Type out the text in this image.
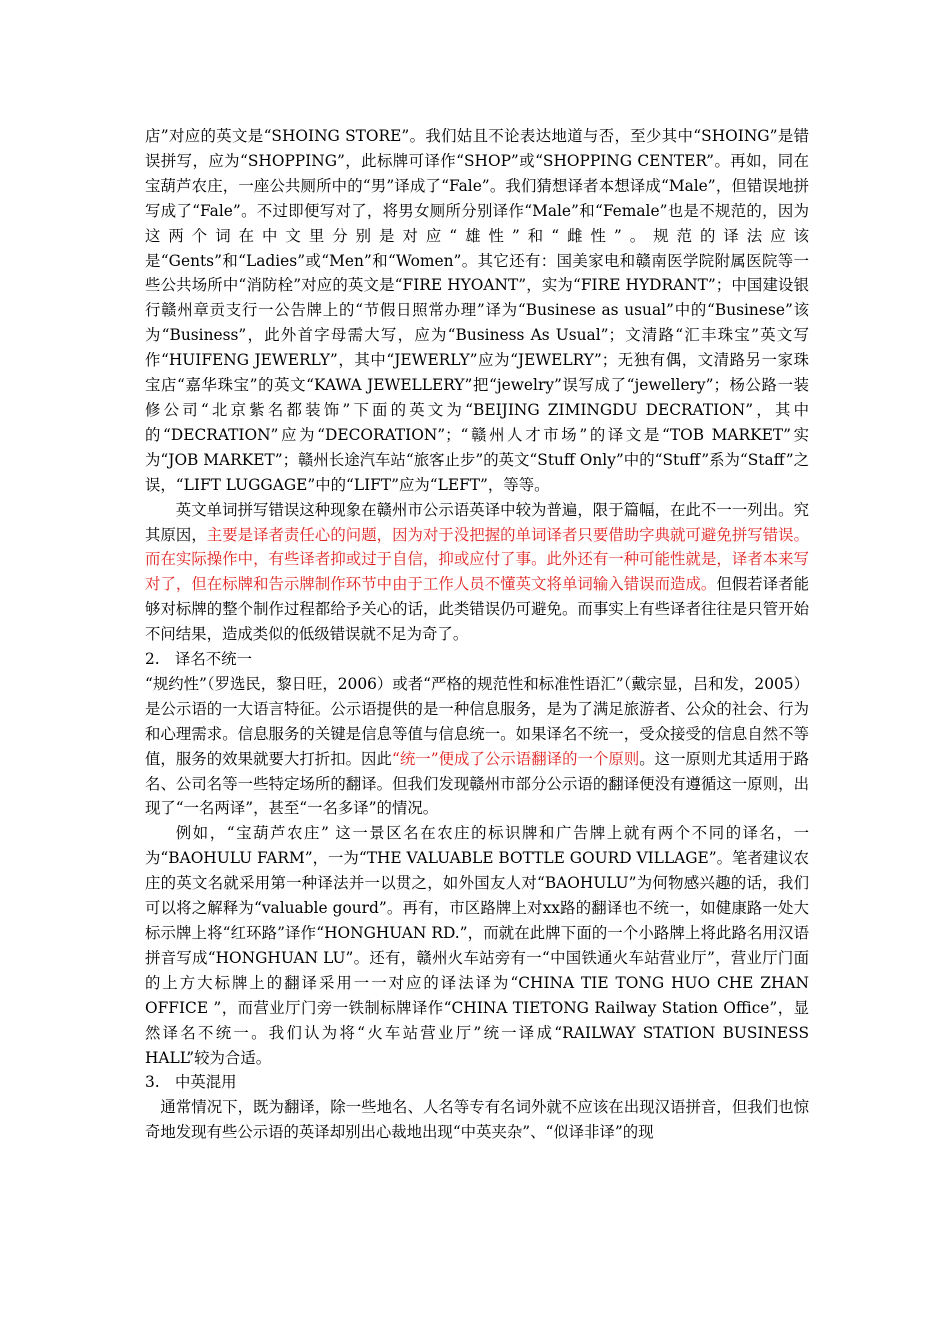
店”对应的英文是“SHOING STORE”。我们姑且不论表达地道与否，至少其中“SHOING”是错误拼写，应为“SHOPPING”，此标牌可译作“SHOP”或“SHOPPING CENTER”。再如，同在宝葫芦农庄，一座公共厕所中的“男”译成了“Fale”。我们猜想译者本想译成“Male”，但错误地拼写成了“Fale”。不过即便写对了，将男女厕所分别译作“Male”和“Female”也是不规范的，因为这两个词在中文里分别是对应“雄性”和“雌性”。规范的译法应该是“Gents”和“Ladies”或“Men”和“Women”。其它还有：国美家电和赣南医学院附属医院等一些公共场所中“消防栓”对应的英文是“FIRE HYOANT”，实为“FIRE HYDRANT”；中国建设银行赣州章贡支行一公告牌上的“节假日照常办理”译为“Businese as usual”中的“Businese”该为“Business”，此外首字母需大写，应为“Business As Usual”；文清路“汇丰珠宝”英文写作“HUIFENG JEWERLY”，其中“JEWERLY”应为“JEWELRY”；无独有偶，文清路另一家珠宝店“嘉华珠宝”的英文“KAWA JEWELLERY”把“jewelry”误写成了“jewellery”；杨公路一装修公司“北京紫名都装饰”下面的英文为“BEIJING ZIMINGDU DECRATION”，其中的“DECRATION”应为“DECORATION”；“赣州人才市场”的译文是“TOB MARKET”实为“JOB MARKET”；赣州长途汽车站“旅客止步”的英文“Stuff Only”中的“Stuff”系为“Staff”之误，“LIFT LUGGAGE”中的“LIFT”应为“LEFT”，等等。

英文单词拼写错误这种现象在赣州市公示语英译中较为普遍，限于篇幅，在此不一一列出。究其原因，主要是译者责任心的问题，因为对于没把握的单词译者只要借助字典就可避免拼写错误。而在实际操作中，有些译者抑或过于自信，抑或应付了事。此外还有一种可能性就是，译者本来写对了，但在标牌和告示牌制作环节中由于工作人员不懂英文将单词输入错误而造成。但假若译者能够对标牌的整个制作过程都给予关心的话，此类错误仍可避免。而事实上有些译者往往是只管开始不问结果，造成类似的低级错误就不足为奇了。

2. 译名不统一

“规约性”（罗选民，黎日旺，2006）或者“严格的规范性和标准性语汇”（戴宗显，吕和发，2005）是公示语的一大语言特征。公示语提供的是一种信息服务，是为了满足旅游者、公众的社会、行为和心理需求。信息服务的关键是信息等值与信息统一。如果译名不统一，受众接受的信息自然不等值，服务的效果就要大打折扣。因此“统一”便成了公示语翻译的一个原则。这一原则尤其适用于路名、公司名等一些特定场所的翻译。但我们发现赣州市部分公示语的翻译便没有遵循这一原则，出现了“一名两译”，甚至“一名多译”的情况。

例如，“宝葫芦农庄” 这一景区名在农庄的标识牌和广告牌上就有两个不同的译名，一为“BAOHULU FARM”，一为“THE VALUABLE BOTTLE GOURD VILLAGE”。笔者建议农庄的英文名就采用第一种译法并一以贯之，如外国友人对“BAOHULU”为何物感兴趣的话，我们可以将之解释为“valuable gourd”。再有，市区路牌上对xx路的翻译也不统一，如健康路一处大标示牌上将“红环路”译作“HONGHUAN RD.”，而就在此牌下面的一个小路牌上将此路名用汉语拼音写成“HONGHUAN LU”。还有，赣州火车站旁有一“中国铁通火车站营业厅”，营业厅门面的上方大标牌上的翻译采用一一对应的译法译为“CHINA TIE TONG HUO CHE ZHAN OFFICE ”，而营业厅门旁一铁制标牌译作“CHINA TIETONG Railway Station Office”，显然译名不统一。我们认为将“火车站营业厅”统一译成“RAILWAY STATION BUSINESS HALL”较为合适。

3. 中英混用

通常情况下，既为翻译，除一些地名、人名等专有名词外就不应该在出现汉语拼音，但我们也惊奇地发现有些公示语的英译却别出心裁地出现“中英夹杂”、“似译非译”的现
